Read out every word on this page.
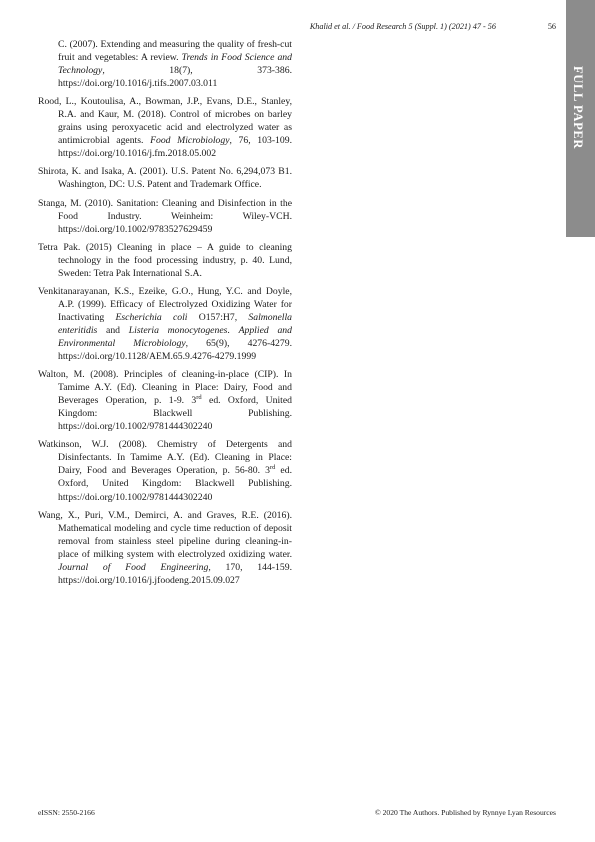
Khalid et al. / Food Research 5 (Suppl. 1) (2021) 47 - 56	56
FULL PAPER

C. (2007). Extending and measuring the quality of fresh-cut fruit and vegetables: A review. Trends in Food Science and Technology, 18(7), 373-386. https://doi.org/10.1016/j.tifs.2007.03.011

Rood, L., Koutoulisa, A., Bowman, J.P., Evans, D.E., Stanley, R.A. and Kaur, M. (2018). Control of microbes on barley grains using peroxyacetic acid and electrolyzed water as antimicrobial agents. Food Microbiology, 76, 103-109. https://doi.org/10.1016/j.fm.2018.05.002

Shirota, K. and Isaka, A. (2001). U.S. Patent No. 6,294,073 B1. Washington, DC: U.S. Patent and Trademark Office.

Stanga, M. (2010). Sanitation: Cleaning and Disinfection in the Food Industry. Weinheim: Wiley-VCH. https://doi.org/10.1002/9783527629459

Tetra Pak. (2015) Cleaning in place – A guide to cleaning technology in the food processing industry, p. 40. Lund, Sweden: Tetra Pak International S.A.

Venkitanarayanan, K.S., Ezeike, G.O., Hung, Y.C. and Doyle, A.P. (1999). Efficacy of Electrolyzed Oxidizing Water for Inactivating Escherichia coli O157:H7, Salmonella enteritidis and Listeria monocytogenes. Applied and Environmental Microbiology, 65(9), 4276-4279. https://doi.org/10.1128/AEM.65.9.4276-4279.1999

Walton, M. (2008). Principles of cleaning-in-place (CIP). In Tamime A.Y. (Ed). Cleaning in Place: Dairy, Food and Beverages Operation, p. 1-9. 3rd ed. Oxford, United Kingdom: Blackwell Publishing. https://doi.org/10.1002/9781444302240

Watkinson, W.J. (2008). Chemistry of Detergents and Disinfectants. In Tamime A.Y. (Ed). Cleaning in Place: Dairy, Food and Beverages Operation, p. 56-80. 3rd ed. Oxford, United Kingdom: Blackwell Publishing. https://doi.org/10.1002/9781444302240

Wang, X., Puri, V.M., Demirci, A. and Graves, R.E. (2016). Mathematical modeling and cycle time reduction of deposit removal from stainless steel pipeline during cleaning-in-place of milking system with electrolyzed oxidizing water. Journal of Food Engineering, 170, 144-159. https://doi.org/10.1016/j.jfoodeng.2015.09.027

eISSN: 2550-2166	© 2020 The Authors. Published by Rynnye Lyan Resources
